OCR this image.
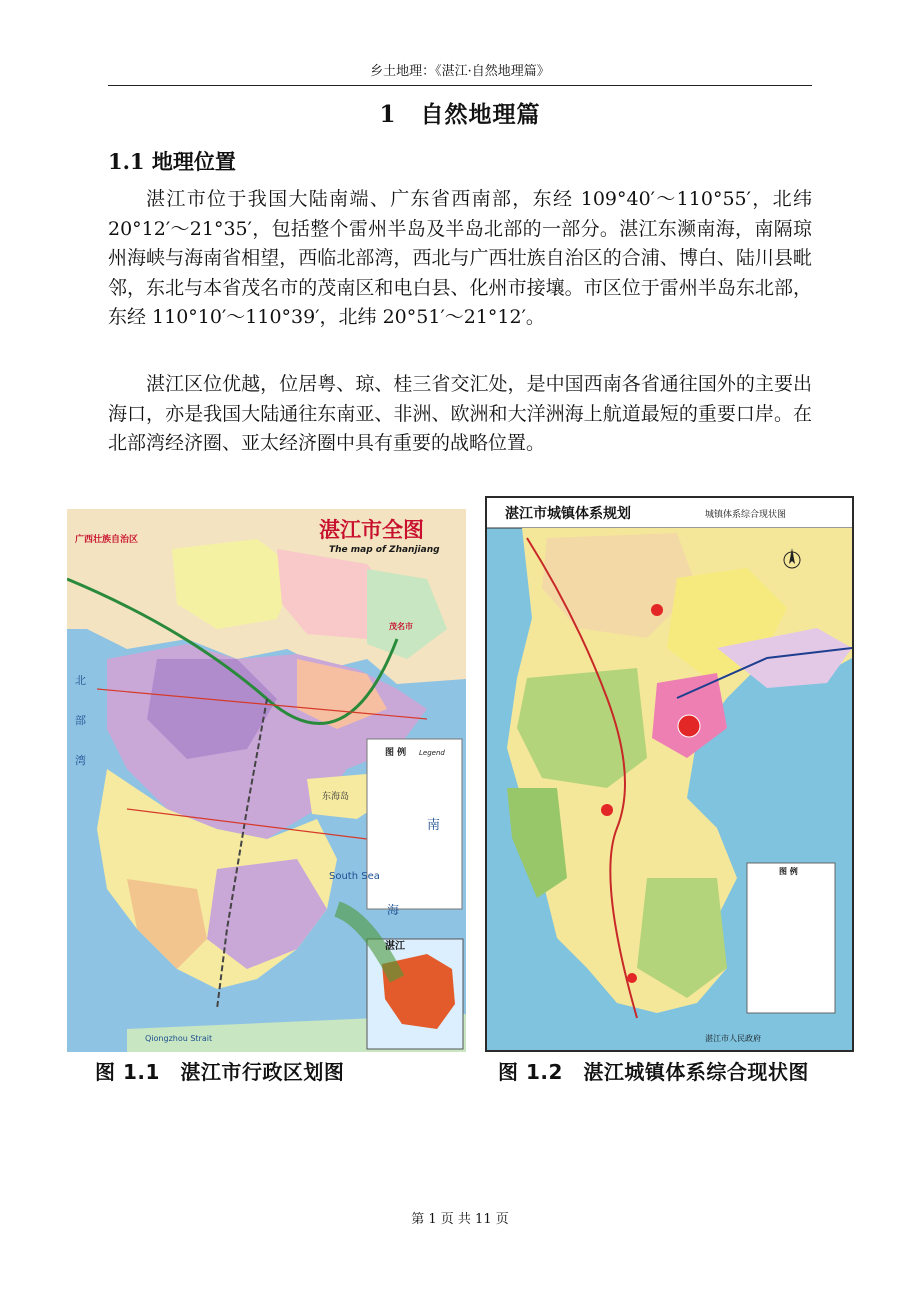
乡土地理：《湛江·自然地理篇》
1　自然地理篇
1.1 地理位置

湛江市位于我国大陆南端、广东省西南部，东经 109°40′～110°55′，北纬 20°12′～21°35′，包括整个雷州半岛及半岛北部的一部分。湛江东濒南海，南隔琼州海峡与海南省相望，西临北部湾，西北与广西壮族自治区的合浦、博白、陆川县毗邻，东北与本省茂名市的茂南区和电白县、化州市接壤。市区位于雷州半岛东北部，东经 110°10′～110°39′，北纬 20°51′～21°12′。

湛江区位优越，位居粤、琼、桂三省交汇处，是中国西南各省通往国外的主要出海口，亦是我国大陆通往东南亚、非洲、欧洲和大洋洲海上航道最短的重要口岸。在北部湾经济圈、亚太经济圈中具有重要的战略位置。

湛江市全图
The map of Zhanjiang
广西壮族自治区
茂名市
北
部
湾
南
South Sea
海
东海岛
Qiongzhou Strait
图 例 Legend
湛江
湛江市城镇体系规划	城镇体系综合现状图
图 例
湛江市人民政府
图 1.1　湛江市行政区划图	图 1.2　湛江城镇体系综合现状图
第 1 页 共 11 页
